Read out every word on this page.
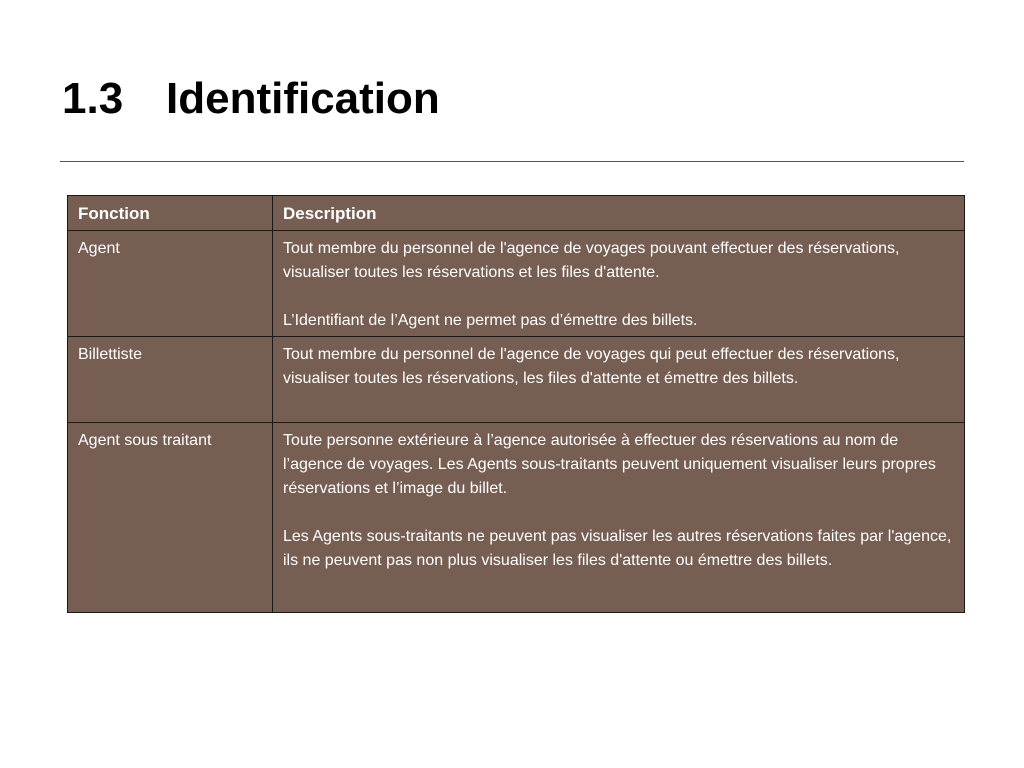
1.3 Identification
Fonction	Description
Agent	Tout membre du personnel de l'agence de voyages pouvant effectuer des réservations, visualiser toutes les réservations et les files d'attente.
L’Identifiant de l’Agent ne permet pas d’émettre des billets.

Billettiste	Tout membre du personnel de l'agence de voyages qui peut effectuer des réservations, visualiser toutes les réservations, les files d'attente et émettre des billets.

Agent sous traitant	Toute personne extérieure à l’agence autorisée à effectuer des réservations au nom de l’agence de voyages. Les Agents sous-traitants peuvent uniquement visualiser leurs propres réservations et l’image du billet.
Les Agents sous-traitants ne peuvent pas visualiser les autres réservations faites par l'agence, ils ne peuvent pas non plus visualiser les files d'attente ou émettre des billets.
